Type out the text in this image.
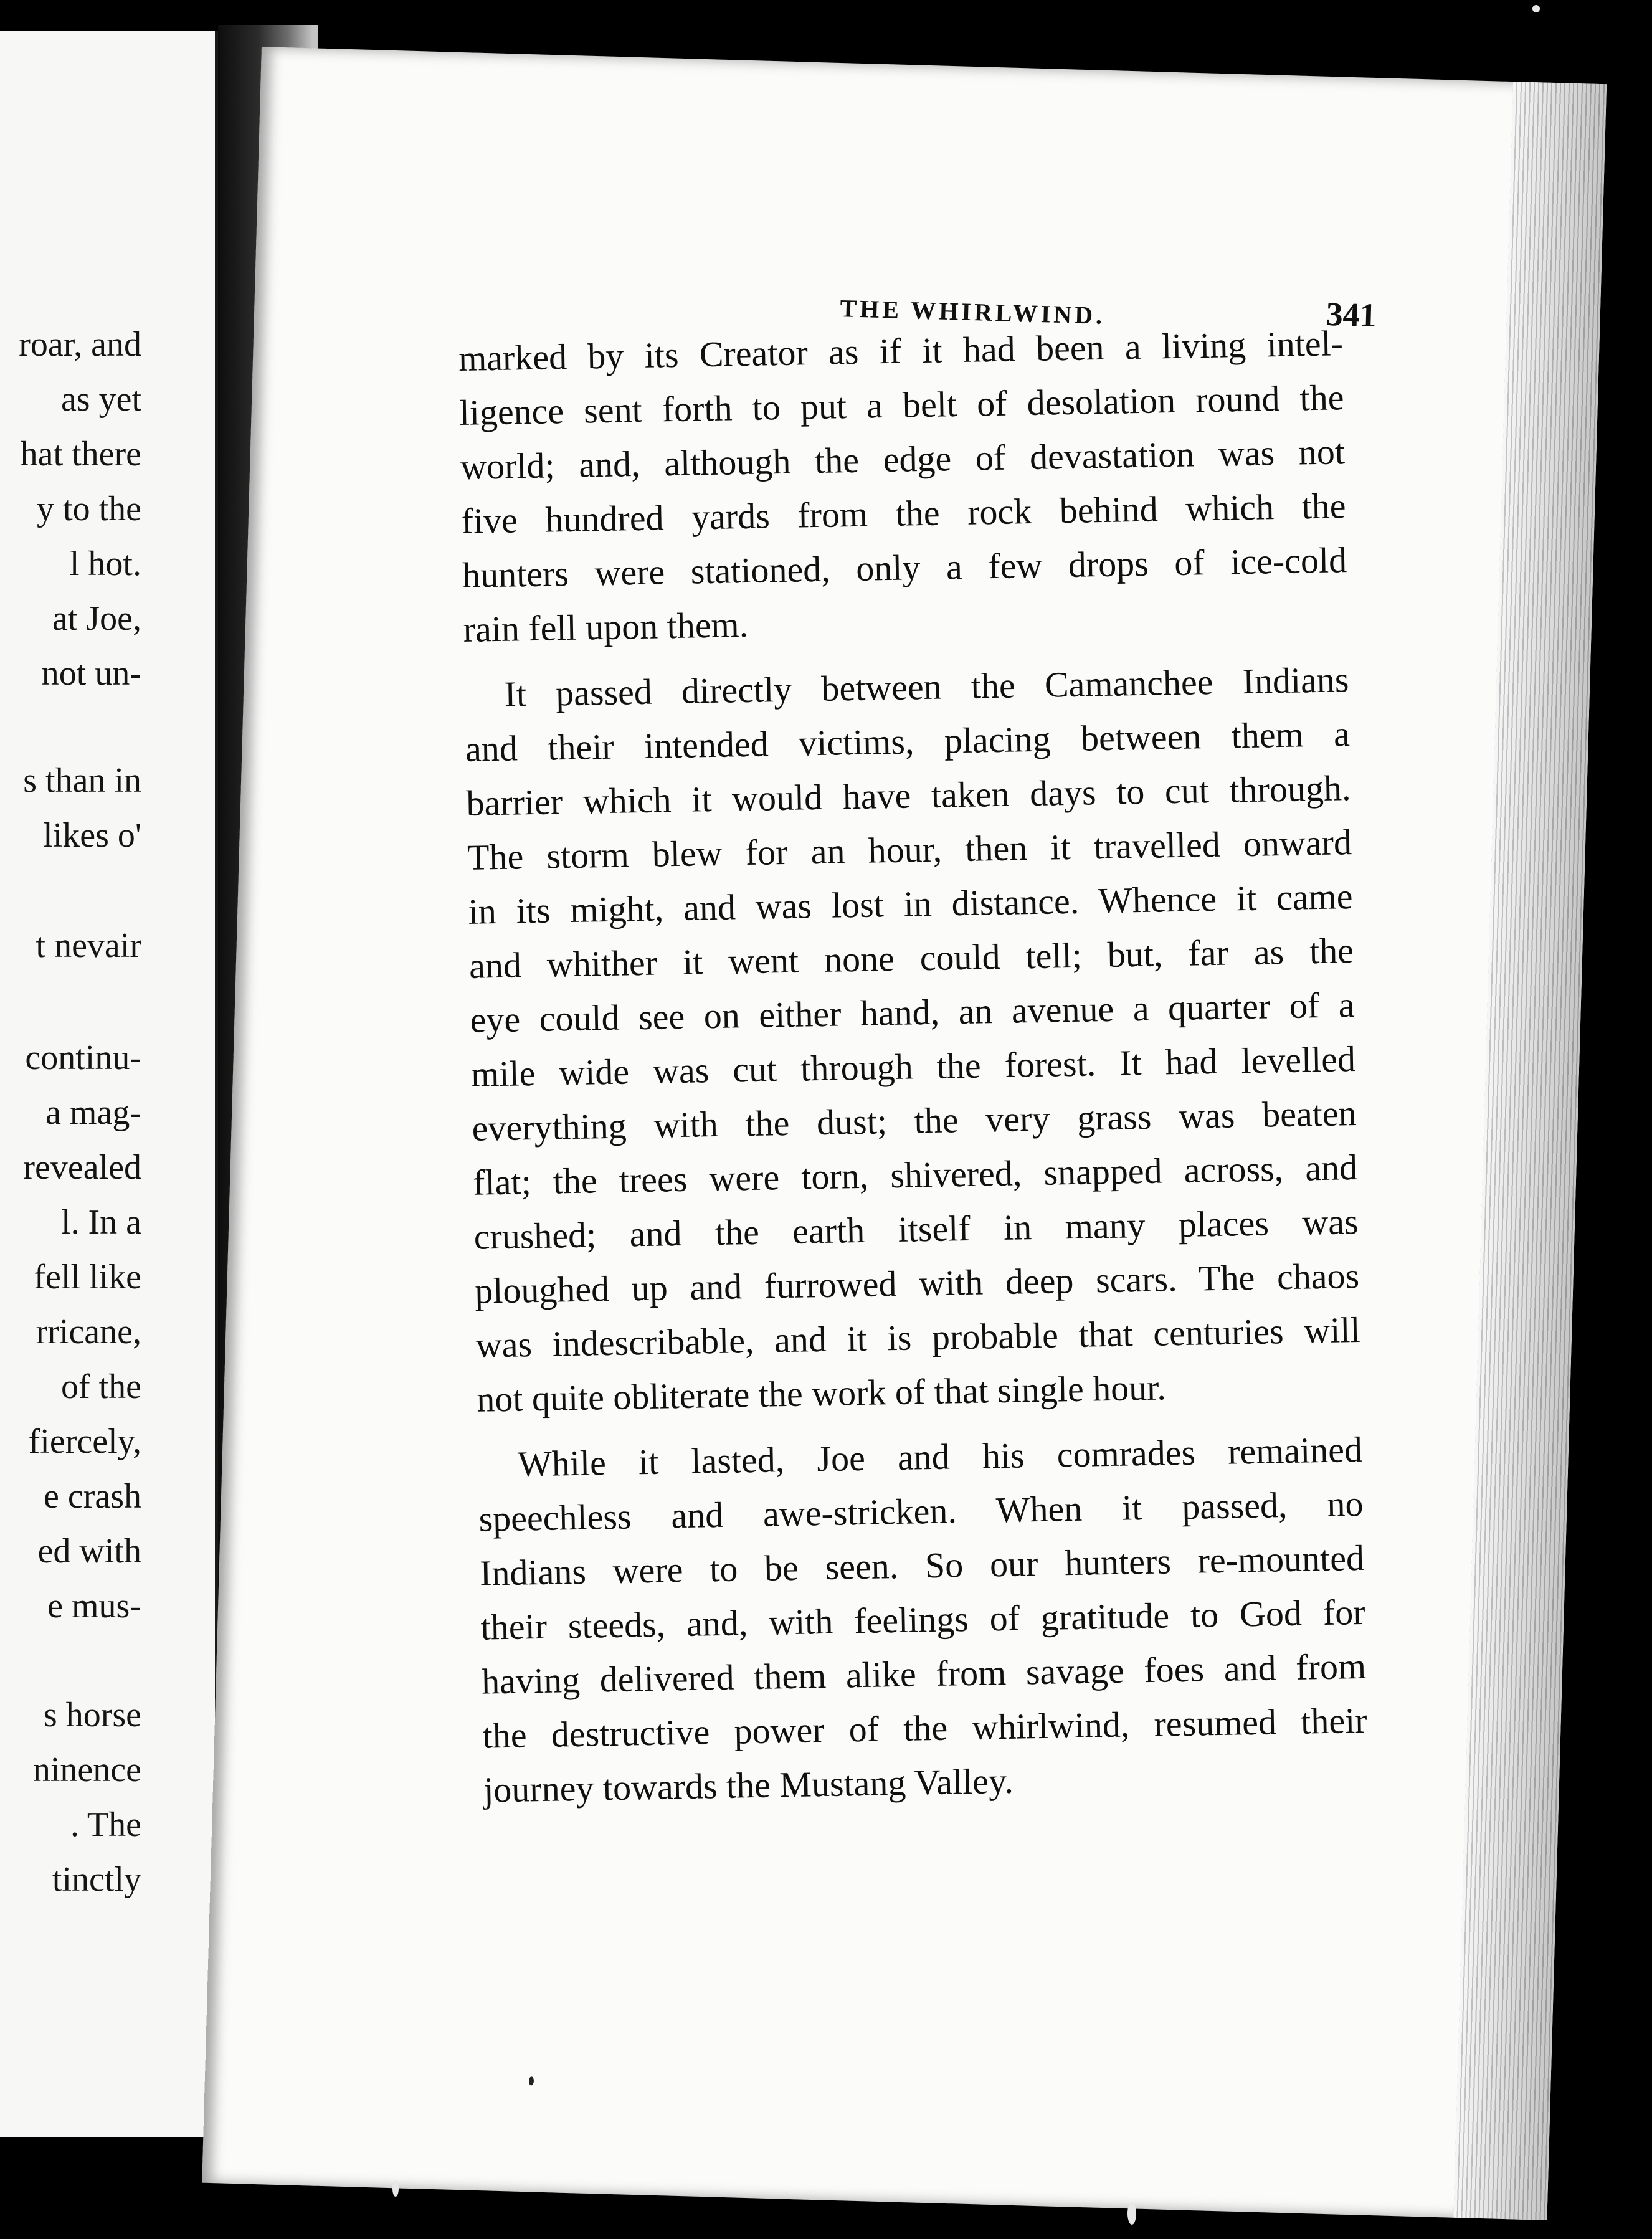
roar, and
as yet
hat there
y to the
l hot.
at Joe,
not un-
s than in
likes o'
t nevair
continu-
a mag-
revealed
l. In a
fell like
rricane,
of the
fiercely,
e crash
ed with
e mus-
s horse
ninence
. The
tinctly
THE WHIRLWIND.	341

marked by its Creator as if it had been a living intel-
ligence sent forth to put a belt of desolation round the
world; and, although the edge of devastation was not
five hundred yards from the rock behind which the
hunters were stationed, only a few drops of ice-cold
rain fell upon them.

It passed directly between the Camanchee Indians
and their intended victims, placing between them a
barrier which it would have taken days to cut through.
The storm blew for an hour, then it travelled onward
in its might, and was lost in distance. Whence it came
and whither it went none could tell; but, far as the
eye could see on either hand, an avenue a quarter of a
mile wide was cut through the forest. It had levelled
everything with the dust; the very grass was beaten
flat; the trees were torn, shivered, snapped across, and
crushed; and the earth itself in many places was
ploughed up and furrowed with deep scars. The chaos
was indescribable, and it is probable that centuries will
not quite obliterate the work of that single hour.

While it lasted, Joe and his comrades remained
speechless and awe-stricken. When it passed, no
Indians were to be seen. So our hunters re-mounted
their steeds, and, with feelings of gratitude to God for
having delivered them alike from savage foes and from
the destructive power of the whirlwind, resumed their
journey towards the Mustang Valley.
